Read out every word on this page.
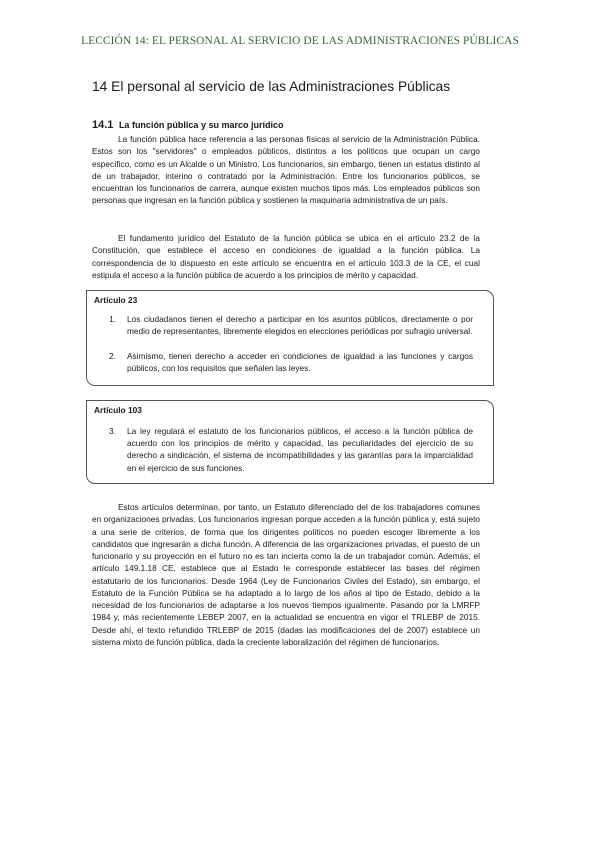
LECCIÓN 14: EL PERSONAL AL SERVICIO DE LAS ADMINISTRACIONES PÚBLICAS
14 El personal al servicio de las Administraciones Públicas
14.1 La función pública y su marco jurídico

La función pública hace referencia a las personas físicas al servicio de la Administración Pública. Estos son los "servidores" o empleados públicos, distintos a los políticos que ocupan un cargo específico, como es un Alcalde o un Ministro. Los funcionarios, sin embargo, tienen un estatus distinto al de un trabajador, interino o contratado por la Administración. Entre los funcionarios públicos, se encuentran los funcionarios de carrera, aunque existen muchos tipos más. Los empleados públicos son personas que ingresan en la función pública y sostienen la maquinaria administrativa de un país.

El fundamento jurídico del Estatuto de la función pública se ubica en el artículo 23.2 de la Constitución, que establece el acceso en condiciones de igualdad a la función pública. La correspondencia de lo dispuesto en este artículo se encuentra en el artículo 103.3 de la CE, el cual estipula el acceso a la función pública de acuerdo a los principios de mérito y capacidad.

Artículo 23
1.	Los ciudadanos tienen el derecho a participar en los asuntos públicos, directamente o por medio de representantes, libremente elegidos en elecciones periódicas por sufragio universal.
2.	Asimismo, tienen derecho a acceder en condiciones de igualdad a las funciones y cargos públicos, con los requisitos que señalen las leyes.
Artículo 103
3.	La ley regulará el estatuto de los funcionarios públicos, el acceso a la función pública de acuerdo con los principios de mérito y capacidad, las peculiaridades del ejercicio de su derecho a sindicación, el sistema de incompatibilidades y las garantías para la imparcialidad en el ejercicio de sus funciones.

Estos artículos determinan, por tanto, un Estatuto diferenciado del de los trabajadores comunes en organizaciones privadas. Los funcionarios ingresan porque acceden a la función pública y, está sujeto a una serie de criterios, de forma que los dirigentes políticos no pueden escoger libremente a los candidatos que ingresarán a dicha función. A diferencia de las organizaciones privadas, el puesto de un funcionario y su proyección en el futuro no es tan incierta como la de un trabajador común. Además, el artículo 149.1.18 CE, establece que al Estado le corresponde establecer las bases del régimen estatutario de los funcionarios. Desde 1964 (Ley de Funcionarios Civiles del Estado), sin embargo, el Estatuto de la Función Pública se ha adaptado a lo largo de los años al tipo de Estado, debido a la necesidad de los funcionarios de adaptarse a los nuevos tiempos igualmente. Pasando por la LMRFP 1984 y, más recientemente LEBEP 2007, en la actualidad se encuentra en vigor el TRLEBP de 2015. Desde ahí, el texto refundido TRLEBP de 2015 (dadas las modificaciones del de 2007) establece un sistema mixto de función pública, dada la creciente laboralización del régimen de funcionarios.
